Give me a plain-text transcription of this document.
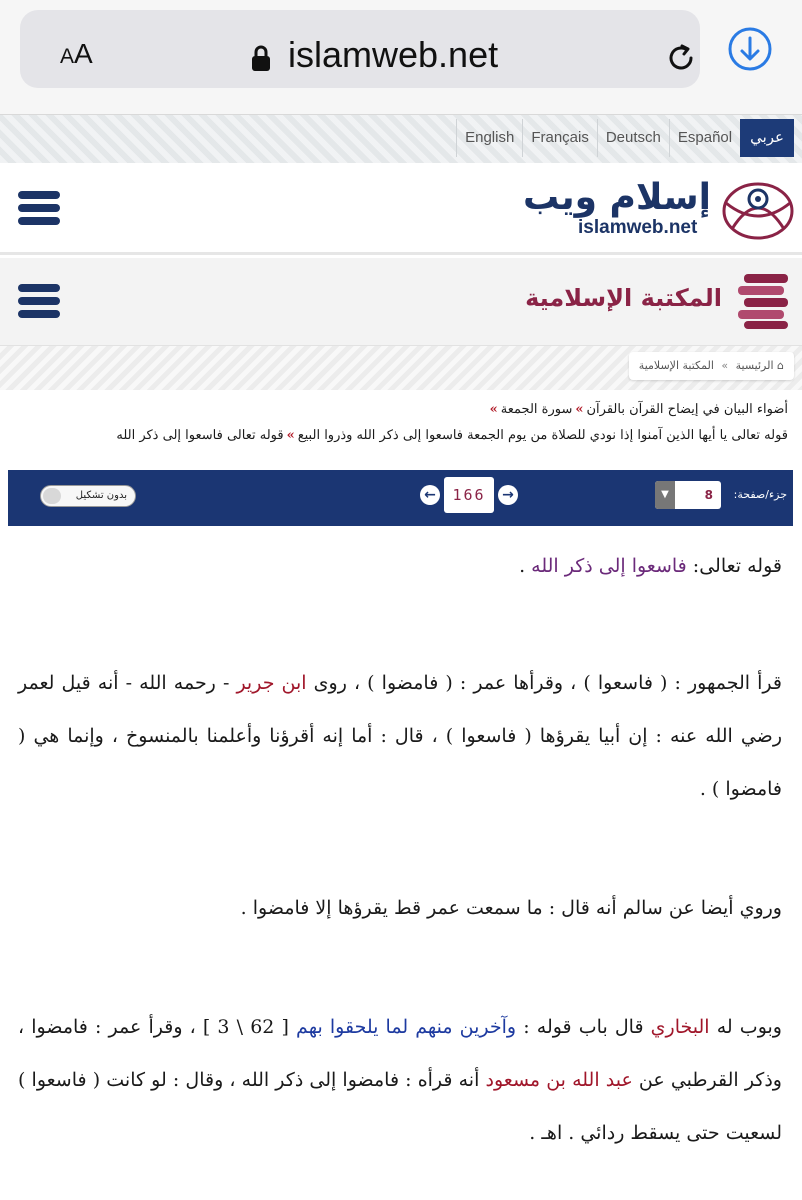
AA	islamweb.net
عربي
Español
Deutsch
Français
English
إسلام ويب
islamweb.net
المكتبة الإسلامية
⌂ الرئيسية » المكتبة الإسلامية
أضواء البيان في إيضاح القرآن بالقرآن»سورة الجمعة»
قوله تعالى يا أيها الذين آمنوا إذا نودي للصلاة من يوم الجمعة فاسعوا إلى ذكر الله وذروا البيع»قوله تعالى فاسعوا إلى ذكر الله
بدون تشكيل	←	166	→	▼	8 جزء/صفحة:

قوله تعالى: فاسعوا إلى ذكر الله .

قرأ الجمهور : ( فاسعوا ) ، وقرأها عمر : ( فامضوا ) ، روى ابن جرير - رحمه الله - أنه قيل لعمر رضي الله عنه : إن أبيا يقرؤها ( فاسعوا ) ، قال : أما إنه أقرؤنا وأعلمنا بالمنسوخ ، وإنما هي ( فامضوا ) .

وروي أيضا عن سالم أنه قال : ما سمعت عمر قط يقرؤها إلا فامضوا .

وبوب له البخاري قال باب قوله : وآخرين منهم لما يلحقوا بهم [ 62 \ 3 ] ، وقرأ عمر : فامضوا ، وذكر القرطبي عن عبد الله بن مسعود أنه قرأه : فامضوا إلى ذكر الله ، وقال : لو كانت ( فاسعوا ) لسعيت حتى يسقط ردائي . اهـ .
